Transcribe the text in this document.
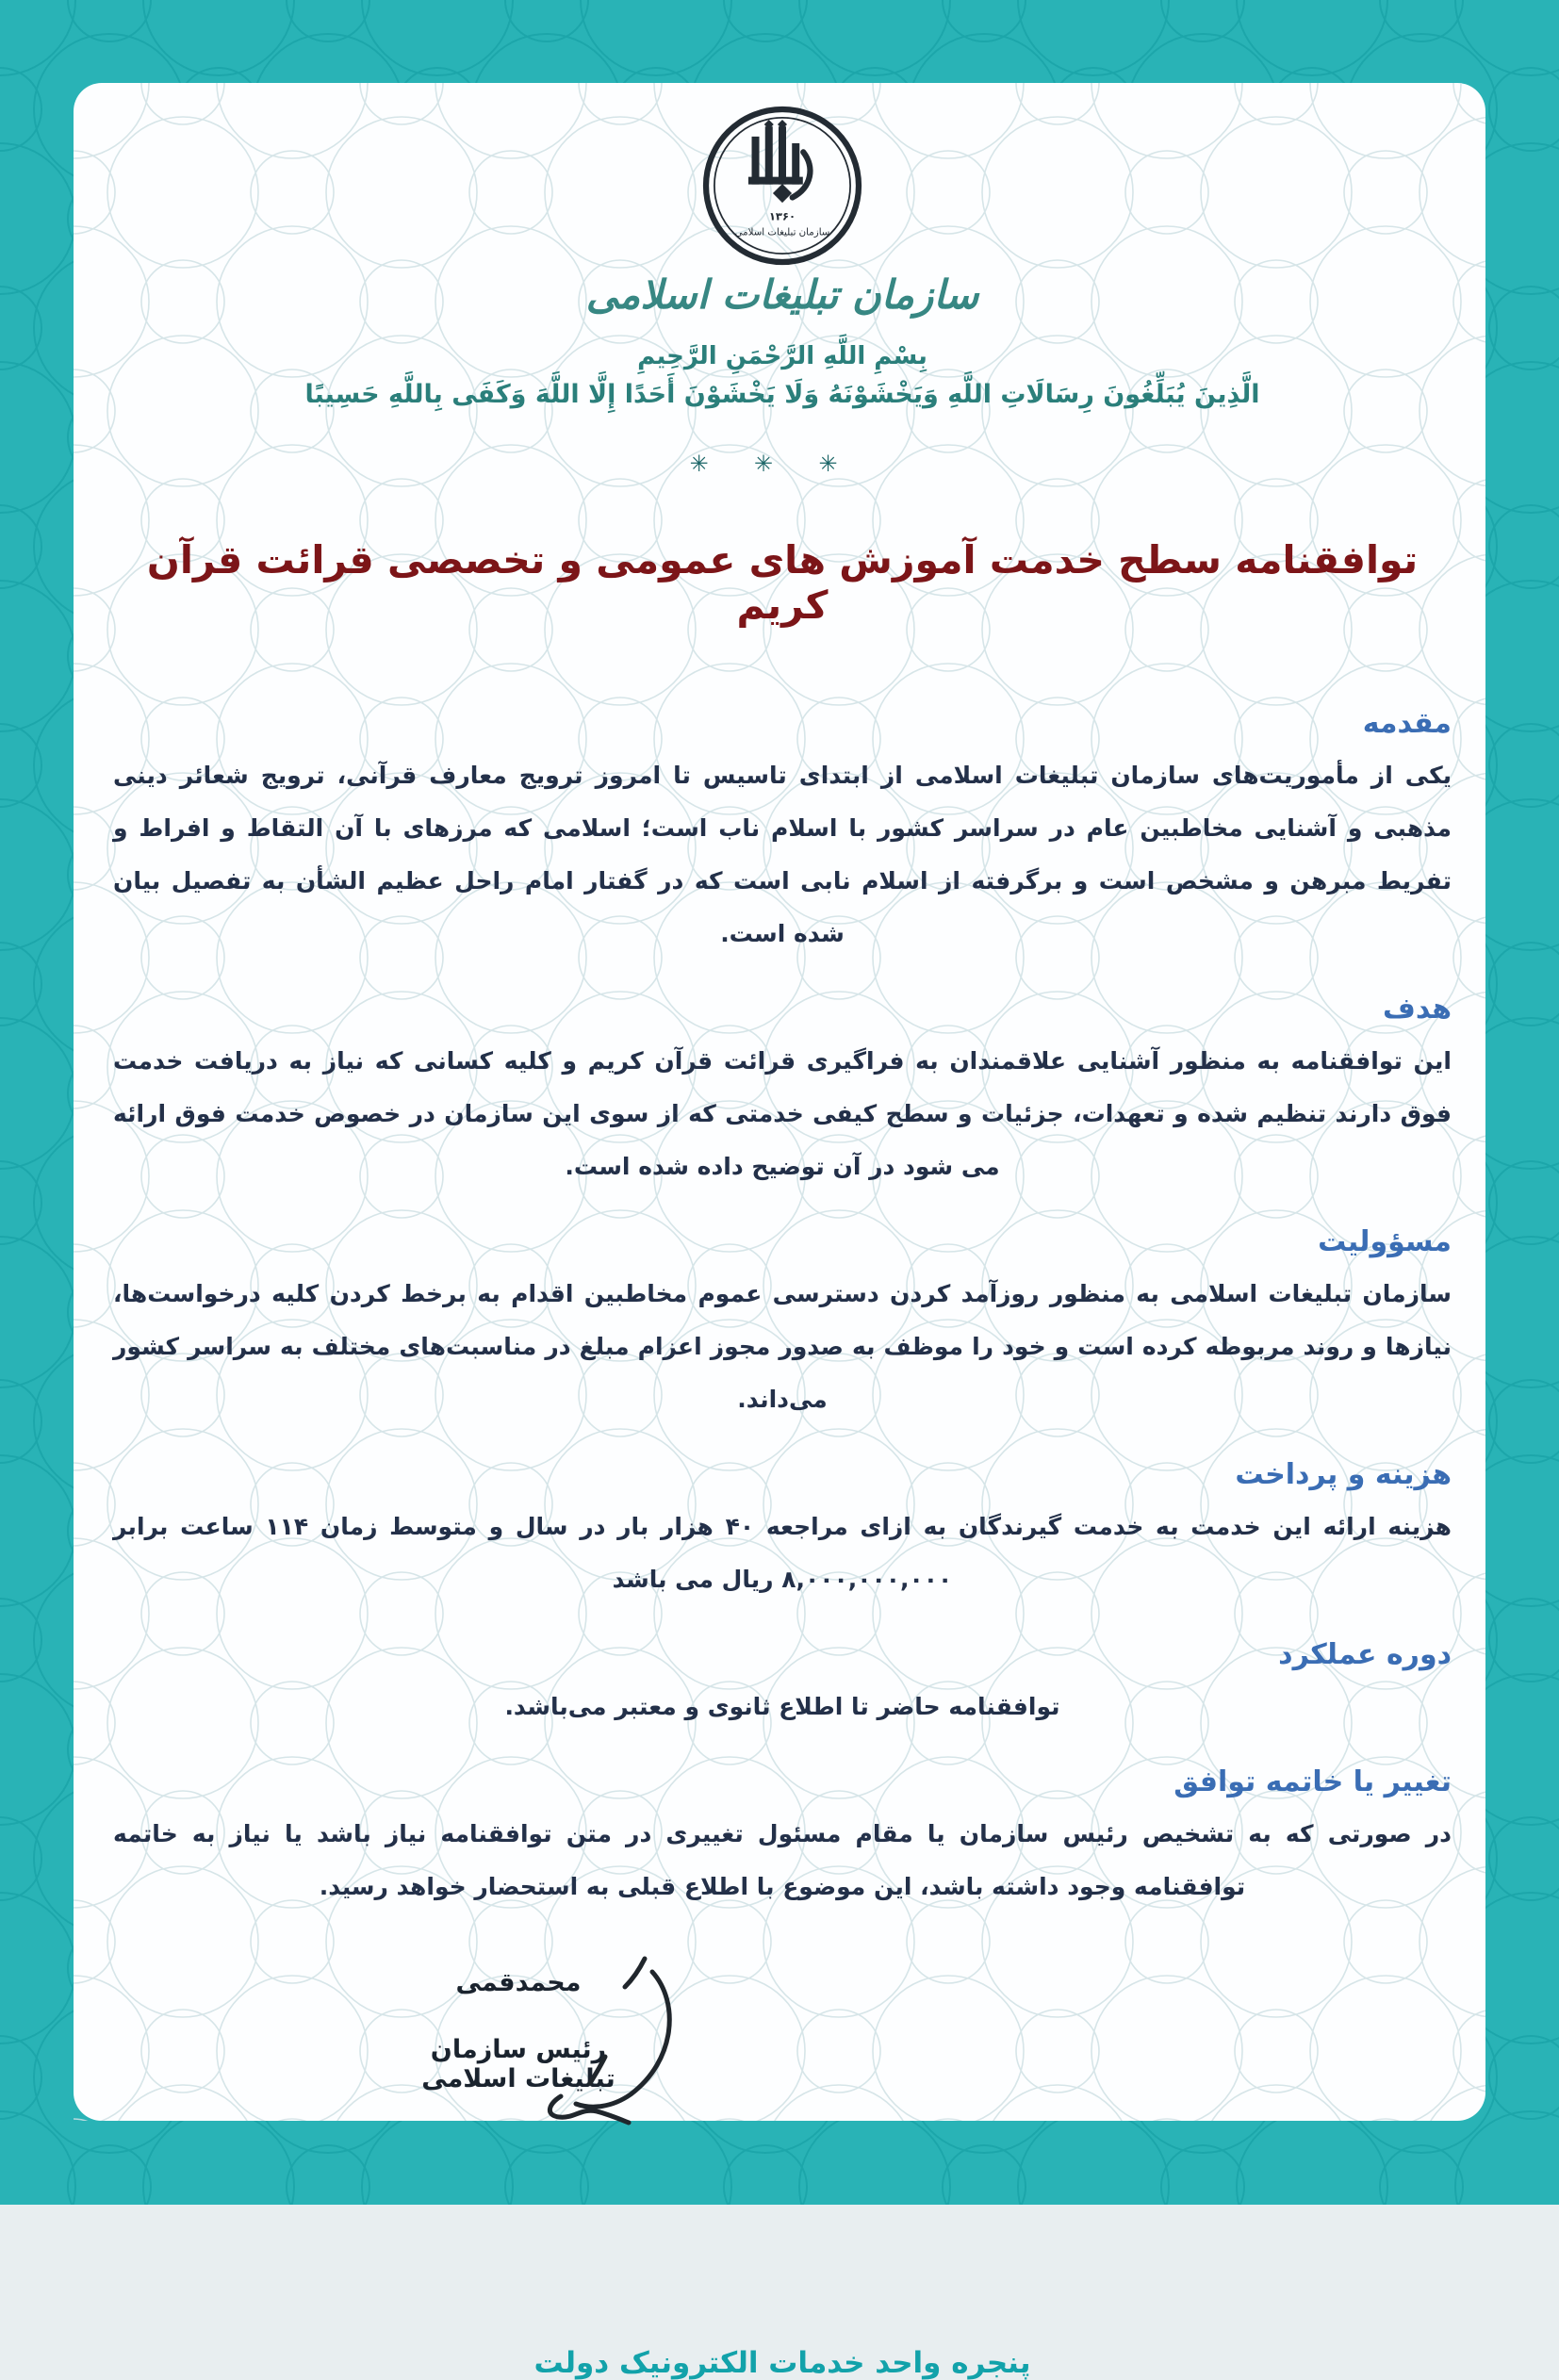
۱۳۶۰
سازمان تبلیغات اسلامی
سازمان تبلیغات اسلامی
بِسْمِ اللَّهِ الرَّحْمَنِ الرَّحِيمِ
الَّذِينَ يُبَلِّغُونَ رِسَالَاتِ اللَّهِ وَيَخْشَوْنَهُ وَلَا يَخْشَوْنَ أَحَدًا إِلَّا اللَّهَ وَكَفَى بِاللَّهِ حَسِيبًا
✳ ✳ ✳
توافقنامه سطح خدمت آموزش های عمومی و تخصصی قرائت قرآن کریم
مقدمه

یکی از مأموریت‌های سازمان تبلیغات اسلامی از ابتدای تاسیس تا امروز ترویج معارف قرآنی، ترویج شعائر دینی مذهبی و آشنایی مخاطبین عام در سراسر کشور با اسلام ناب است؛ اسلامی که مرزهای با آن التقاط و افراط و تفریط مبرهن و مشخص است و برگرفته از اسلام نابی است که در گفتار امام راحل عظیم الشأن به تفصیل بیان شده است.

هدف

این توافقنامه به منظور آشنایی علاقمندان به فراگیری قرائت قرآن کریم و کلیه کسانی که نیاز به دریافت خدمت فوق دارند تنظیم شده و تعهدات، جزئیات و سطح کیفی خدمتی که از سوی این سازمان در خصوص خدمت فوق ارائه می شود در آن توضیح داده شده است.

مسؤولیت

سازمان تبلیغات اسلامی به منظور روزآمد کردن دسترسی عموم مخاطبین اقدام به برخط کردن کلیه درخواست‌ها، نیازها و روند مربوطه کرده است و خود را موظف به صدور مجوز اعزام مبلغ در مناسبت‌های مختلف به سراسر کشور می‌داند.

هزینه و پرداخت

هزینه ارائه این خدمت به خدمت گیرندگان به ازای مراجعه ۴۰ هزار بار در سال و متوسط زمان ۱۱۴ ساعت برابر ۸,۰۰۰,۰۰۰,۰۰۰ ریال می باشد

دوره عملکرد

توافقنامه حاضر تا اطلاع ثانوی و معتبر می‌باشد.

تغییر یا خاتمه توافق

در صورتی که به تشخیص رئیس سازمان یا مقام مسئول تغییری در متن توافقنامه نیاز باشد یا نیاز به خاتمه توافقنامه وجود داشته باشد، این موضوع با اطلاع قبلی به استحضار خواهد رسید.

محمدقمی
رئیس سازمان تبلیغات اسلامی
پنجره واحد خدمات الکترونیک دولت
